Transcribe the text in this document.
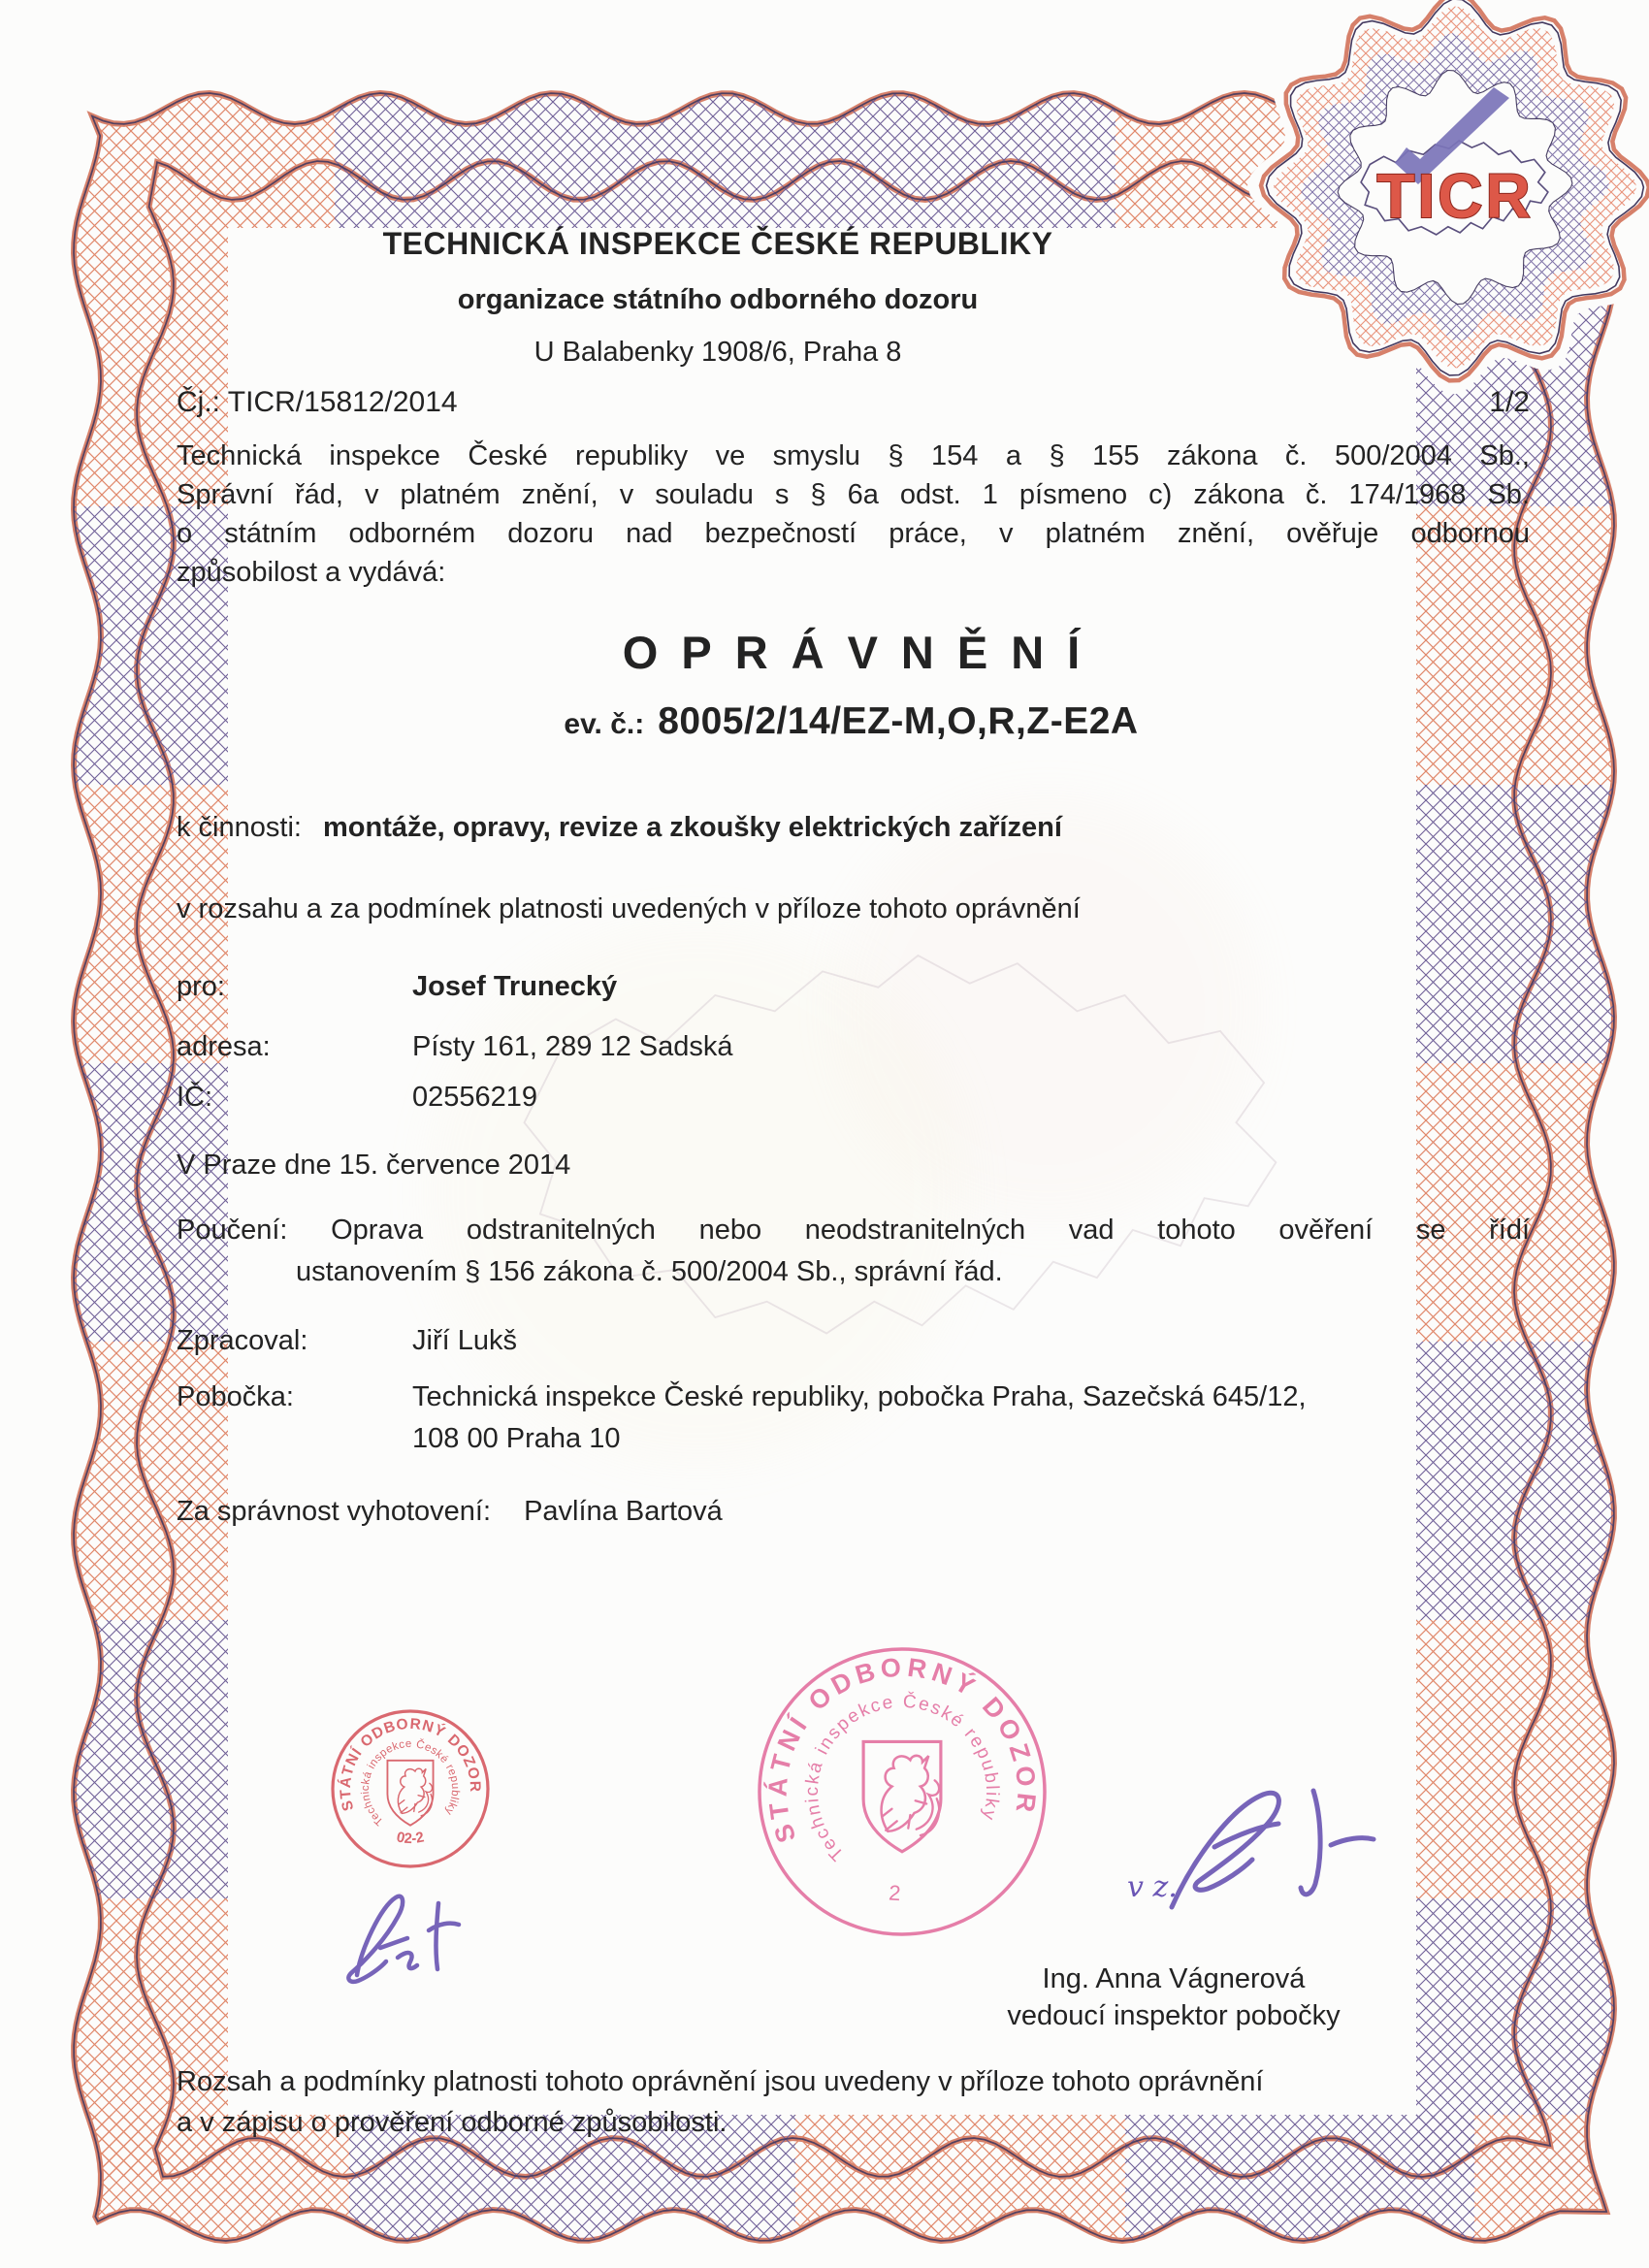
TICR
TECHNICKÁ INSPEKCE ČESKÉ REPUBLIKY
organizace státního odborného dozoru
U Balabenky 1908/6, Praha 8
Čj.: TICR/15812/2014	1/2
Technická inspekce České republiky ve smyslu § 154 a § 155 zákona č. 500/2004 Sb.,
Správní řád, v platném znění, v souladu s § 6a odst. 1 písmeno c) zákona č. 174/1968 Sb.
o státním odborném dozoru nad bezpečností práce, v platném znění, ověřuje odbornou
způsobilost a vydává:
OPRÁVNĚNÍ
ev. č.: 8005/2/14/EZ-M,O,R,Z-E2A
k činnosti: montáže, opravy, revize a zkoušky elektrických zařízení
v rozsahu a za podmínek platnosti uvedených v příloze tohoto oprávnění
pro:	Josef Trunecký
adresa:	Písty 161, 289 12 Sadská
IČ:	02556219
V Praze dne 15. července 2014
Poučení: Oprava odstranitelných nebo neodstranitelných vad tohoto ověření se řídí
ustanovením § 156 zákona č. 500/2004 Sb., správní řád.
Zpracoval:	Jiří Lukš
Pobočka:	Technická inspekce České republiky, pobočka Praha, Sazečská 645/12,
108 00 Praha 10
Za správnost vyhotovení: Pavlína Bartová
v z.
Ing. Anna Vágnerová
vedoucí inspektor pobočky
Rozsah a podmínky platnosti tohoto oprávnění jsou uvedeny v příloze tohoto oprávnění
a v zápisu o prověření odborné způsobilosti.
STÁTNÍ ODBORNÝ DOZOR
Technická inspekce České republiky
02-2	STÁTNÍ ODBORNÝ DOZOR
Technická inspekce České republiky
2
